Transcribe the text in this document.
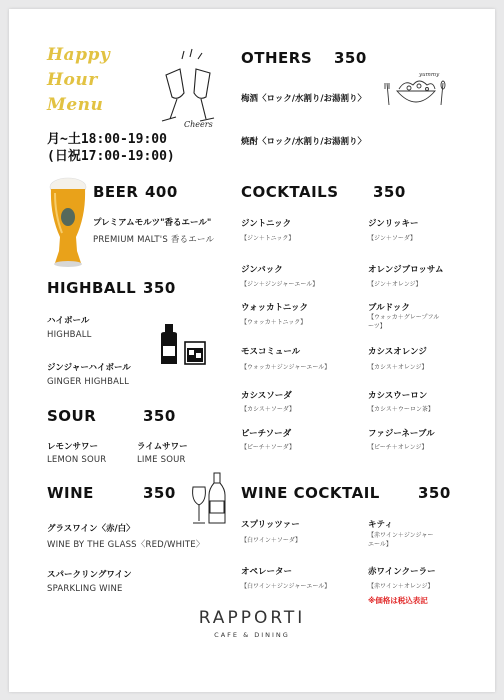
Happy
Hour
Menu
月~土18:00-19:00
(日祝17:00-19:00)
Cheers
OTHERS 350
梅酒〈ロック/水割り/お湯割り〉
焼酎〈ロック/水割り/お湯割り〉
yummy
BEER 400
プレミアムモルツ"香るエール"
PREMIUM MALT'S 香るエール
HIGHBALL 350
ハイボール
HIGHBALL
ジンジャーハイボール
GINGER HIGHBALL
SOUR	350
レモンサワー
LEMON SOUR
ライムサワー
LIME SOUR
WINE	350
グラスワイン〈赤/白〉
WINE BY THE GLASS〈RED/WHITE〉
スパークリングワイン
SPARKLING WINE
COCKTAILS 350
ジントニック
【ジン＋トニック】
ジンリッキー
【ジン＋ソーダ】
ジンバック
【ジン＋ジンジャーエール】
オレンジブロッサム
【ジン＋オレンジ】
ウォッカトニック
【ウォッカ＋トニック】
ブルドック
【ウォッカ＋グレープフルーツ】
モスコミュール
【ウォッカ＋ジンジャーエール】
カシスオレンジ
【カシス＋オレンジ】
カシスソーダ
【カシス＋ソーダ】
カシスウーロン
【カシス＋ウーロン茶】
ピーチソーダ
【ピーチ＋ソーダ】
ファジーネーブル
【ピーチ＋オレンジ】
WINE COCKTAIL	350
スプリッツァー
【白ワイン＋ソーダ】
キティ
【赤ワイン＋ジンジャーエール】
オペレーター
【白ワイン＋ジンジャーエール】
赤ワインクーラー
【赤ワイン＋オレンジ】
※価格は税込表記
RAPPORTI
CAFE & DINING
